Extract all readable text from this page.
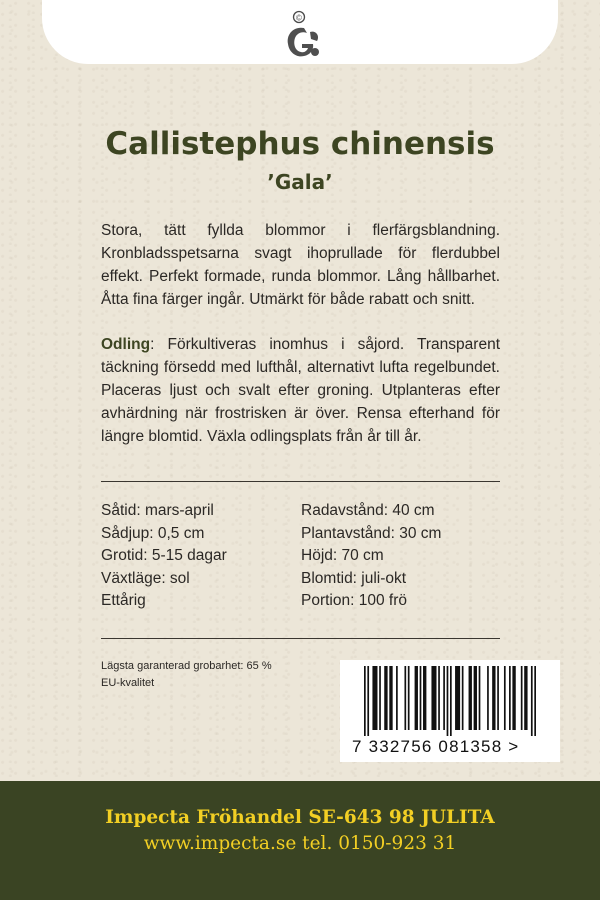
©
Callistephus chinensis
’Gala’
Stora, tätt fyllda blommor i flerfärgsblandning. Kronbladsspetsarna svagt ihoprullade för flerdubbel effekt. Perfekt formade, runda blommor. Lång hållbarhet. Åtta fina färger ingår. Utmärkt för både rabatt och snitt.
Odling: Förkultiveras inomhus i såjord. Transparent täckning försedd med lufthål, alternativt lufta regelbundet. Placeras ljust och svalt efter groning. Utplanteras efter avhärdning när frostrisken är över. Rensa efterhand för längre blomtid. Växla odlingsplats från år till år.
Såtid: mars-april
Sådjup: 0,5 cm
Grotid: 5-15 dagar
Växtläge: sol
Ettårig
Radavstånd: 40 cm
Plantavstånd: 30 cm
Höjd: 70 cm
Blomtid: juli-okt
Portion: 100 frö
Lägsta garanterad grobarhet: 65 %
EU-kvalitet
7 332756 081358 >
Impecta Fröhandel SE-643 98 JULITA
www.impecta.se tel. 0150-923 31
